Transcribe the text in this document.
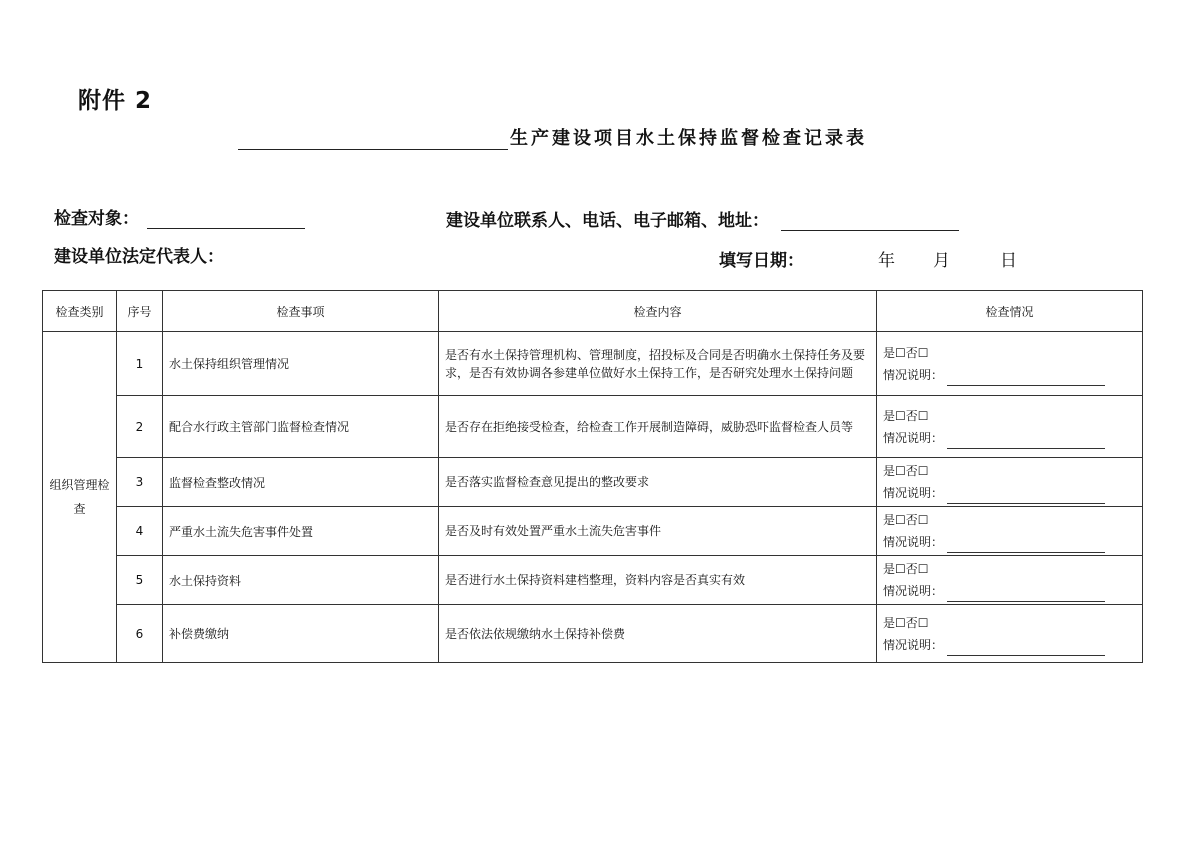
附件 2
生产建设项目水土保持监督检查记录表
检查对象：	建设单位联系人、电话、电子邮箱、地址：
建设单位法定代表人：	填写日期：	年 月	日
检查类别	序号	检查事项	检查内容	检查情况
组织管理检查	1	水土保持组织管理情况	是否有水土保持管理机构、管理制度，招投标及合同是否明确水土保持任务及要求，是否有效协调各参建单位做好水土保持工作，是否研究处理水土保持问题	是☐否☐
情况说明：

	2	配合水行政主管部门监督检查情况	是否存在拒绝接受检查，给检查工作开展制造障碍，威胁恐吓监督检查人员等	是☐否☐
情况说明：

	3	监督检查整改情况	是否落实监督检查意见提出的整改要求	是☐否☐
情况说明：

	4	严重水土流失危害事件处置	是否及时有效处置严重水土流失危害事件	是☐否☐
情况说明：

	5	水土保持资料	是否进行水土保持资料建档整理，资料内容是否真实有效	是☐否☐
情况说明：

	6	补偿费缴纳	是否依法依规缴纳水土保持补偿费	是☐否☐
情况说明：
